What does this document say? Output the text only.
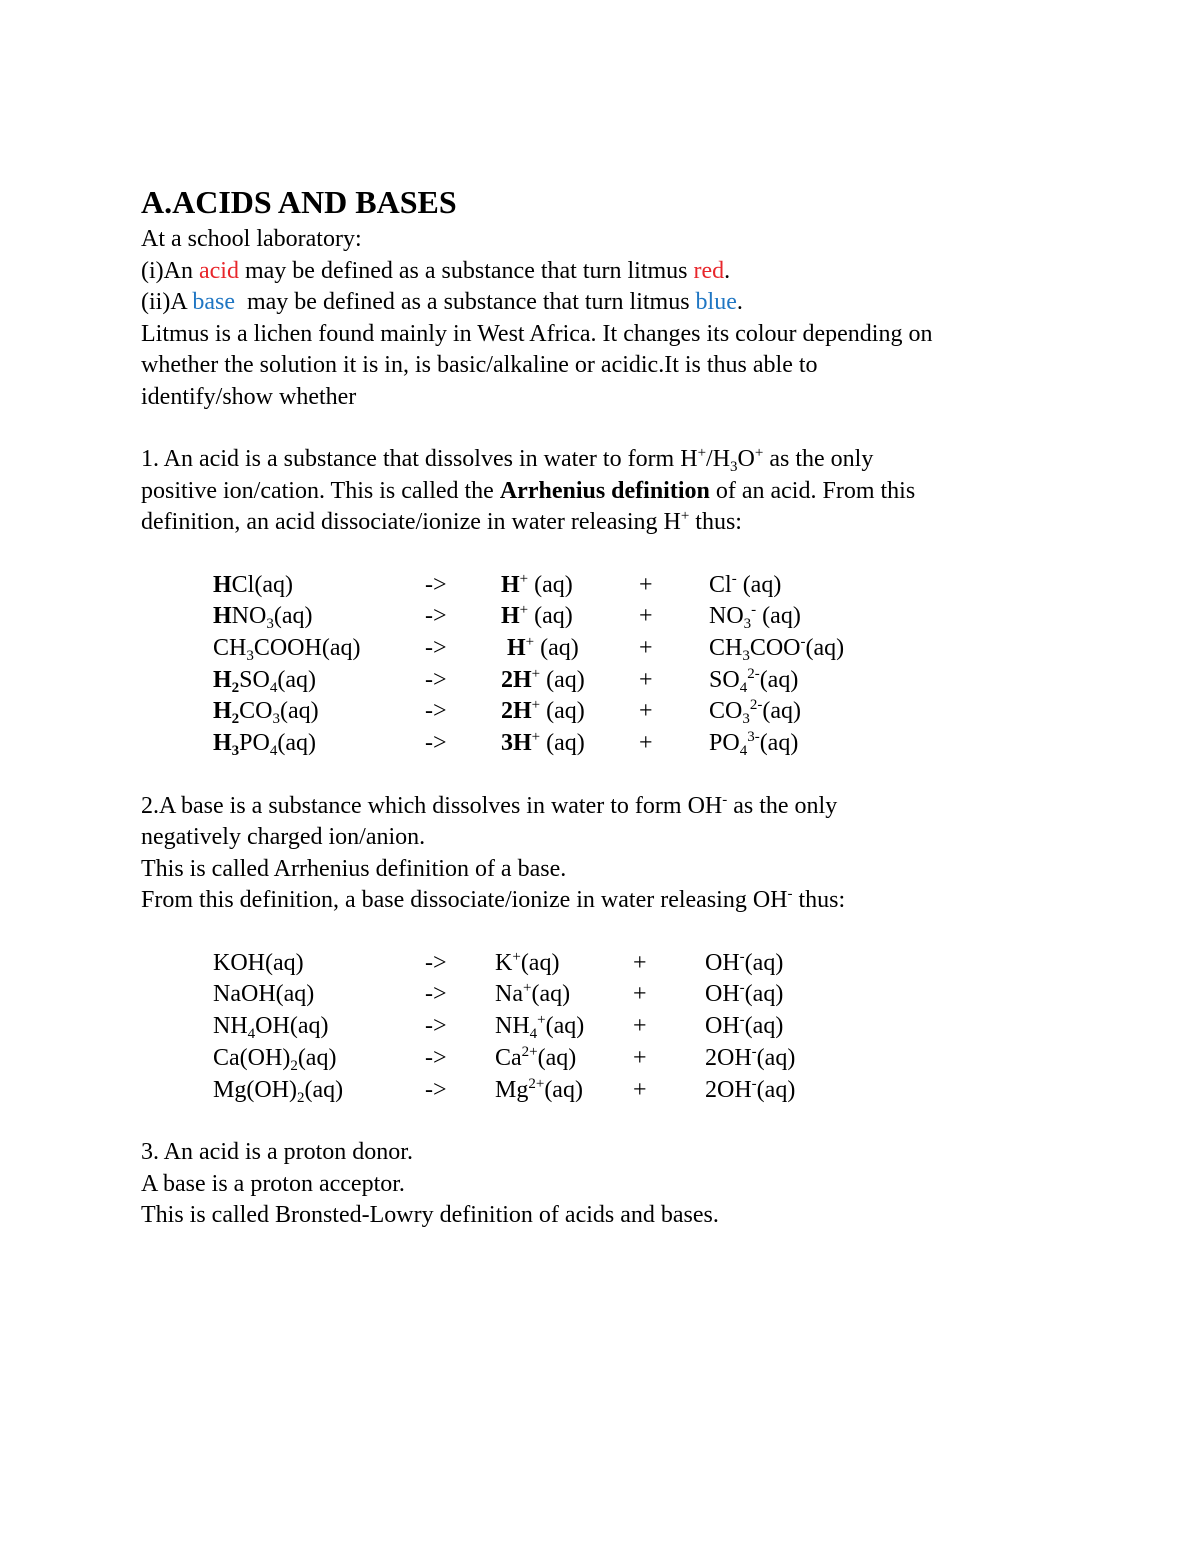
A.ACIDS AND BASES

At a school laboratory:

(i)An acid may be defined as a substance that turn litmus red.

(ii)A base  may be defined as a substance that turn litmus blue.

Litmus is a lichen found mainly in West Africa. It changes its colour depending on

whether the solution it is in, is basic/alkaline or acidic.It is thus able to

identify/show whether

1. An acid is a substance that dissolves in water to form $H^+/H_3O^+$ as the only

positive ion/cation. This is called the Arrhenius definition of an acid. From this

definition, an acid dissociate/ionize in water releasing H+ thus:

HCl(aq)	->	H+ (aq)	+	Cl- (aq)
$HNO_3(aq)$	->	H+ (aq)	+	$NO_3^-$ (aq)
$CH_3COOH(aq)$	->	H+ (aq)	+	$CH_3COO^-(aq)$
$H_2SO_4(aq)$	->	2H+ (aq)	+	$SO_4^{2-}(aq)$
$H_2CO_3(aq)$	->	2H+ (aq)	+	$CO_3^{2-}(aq)$
$H_3PO_4(aq)$	->	3H+ (aq)	+	$PO_4^{3-}(aq)$

2.A base is a substance which dissolves in water to form OH- as the only

negatively charged ion/anion.

This is called Arrhenius definition of a base.

From this definition, a base dissociate/ionize in water releasing OH- thus:

KOH(aq)	->	K+(aq)	+	OH-(aq)
NaOH(aq)	->	Na+(aq)	+	OH-(aq)
$NH_4OH(aq)$	->	$NH_4^+(aq)$	+	OH-(aq)
$Ca(OH)_2(aq)$	->	$Ca^{2+}(aq)$	+	2OH-(aq)
$Mg(OH)_2(aq)$	->	$Mg^{2+}(aq)$	+	2OH-(aq)

3. An acid is a proton donor.

A base is a proton acceptor.

This is called Bronsted-Lowry definition of acids and bases.
